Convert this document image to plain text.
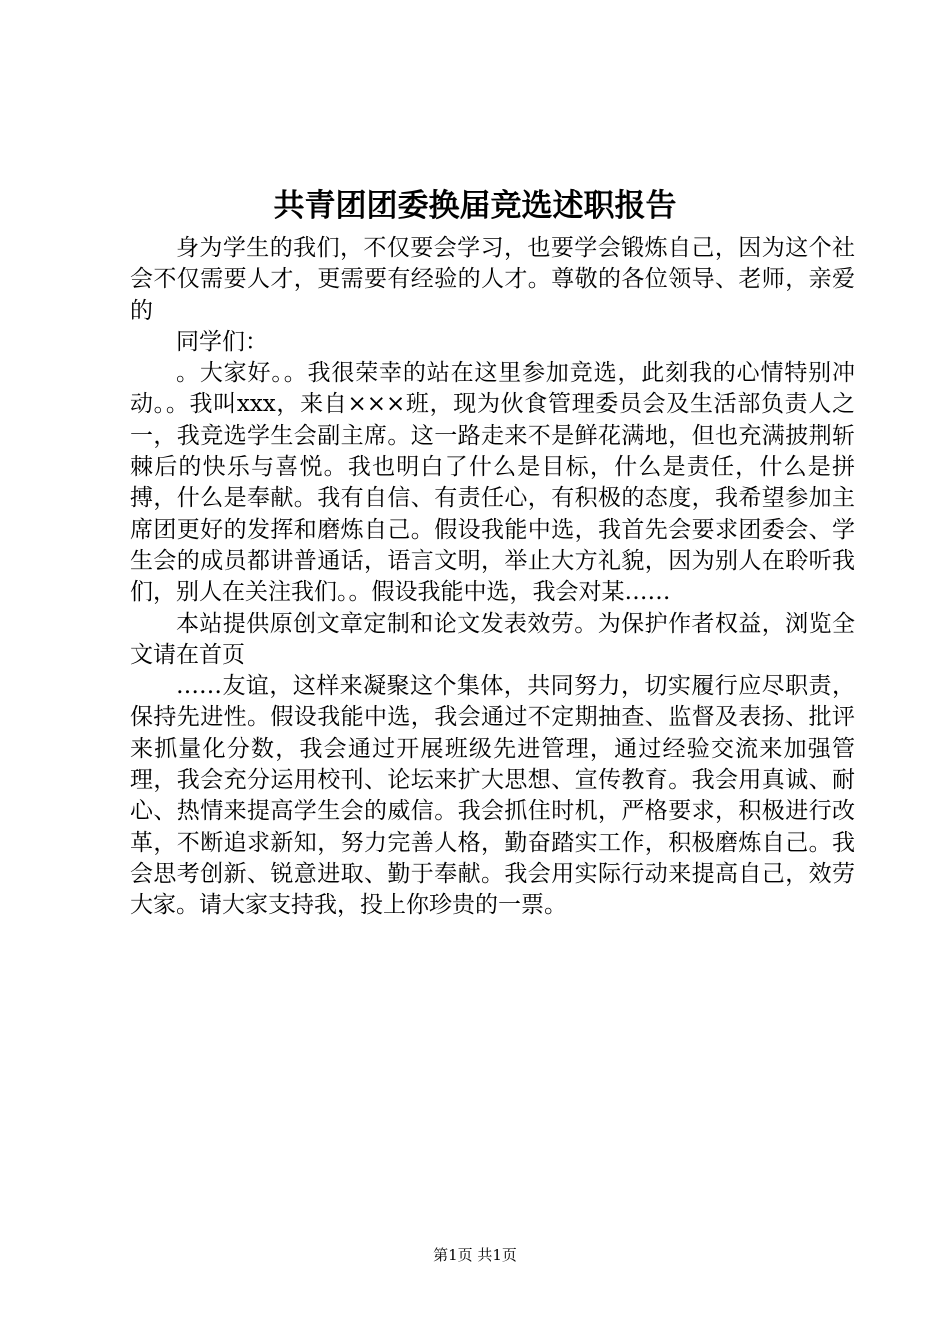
共青团团委换届竞选述职报告

身为学生的我们，不仅要会学习，也要学会锻炼自己，因为这个社会不仅需要人才，更需要有经验的人才。尊敬的各位领导、老师，亲爱的

同学们：

。大家好。。我很荣幸的站在这里参加竞选，此刻我的心情特别冲动。。我叫xxx，来自×××班，现为伙食管理委员会及生活部负责人之一，我竞选学生会副主席。这一路走来不是鲜花满地，但也充满披荆斩棘后的快乐与喜悦。我也明白了什么是目标，什么是责任，什么是拼搏，什么是奉献。我有自信、有责任心，有积极的态度，我希望参加主席团更好的发挥和磨炼自己。假设我能中选，我首先会要求团委会、学生会的成员都讲普通话，语言文明，举止大方礼貌，因为别人在聆听我们，别人在关注我们。。假设我能中选，我会对某……

本站提供原创文章定制和论文发表效劳。为保护作者权益，浏览全文请在首页

……友谊，这样来凝聚这个集体，共同努力，切实履行应尽职责，保持先进性。假设我能中选，我会通过不定期抽查、监督及表扬、批评来抓量化分数，我会通过开展班级先进管理，通过经验交流来加强管理，我会充分运用校刊、论坛来扩大思想、宣传教育。我会用真诚、耐心、热情来提高学生会的威信。我会抓住时机，严格要求，积极进行改革，不断追求新知，努力完善人格，勤奋踏实工作，积极磨炼自己。我会思考创新、锐意进取、勤于奉献。我会用实际行动来提高自己，效劳大家。请大家支持我，投上你珍贵的一票。

第1页 共1页
